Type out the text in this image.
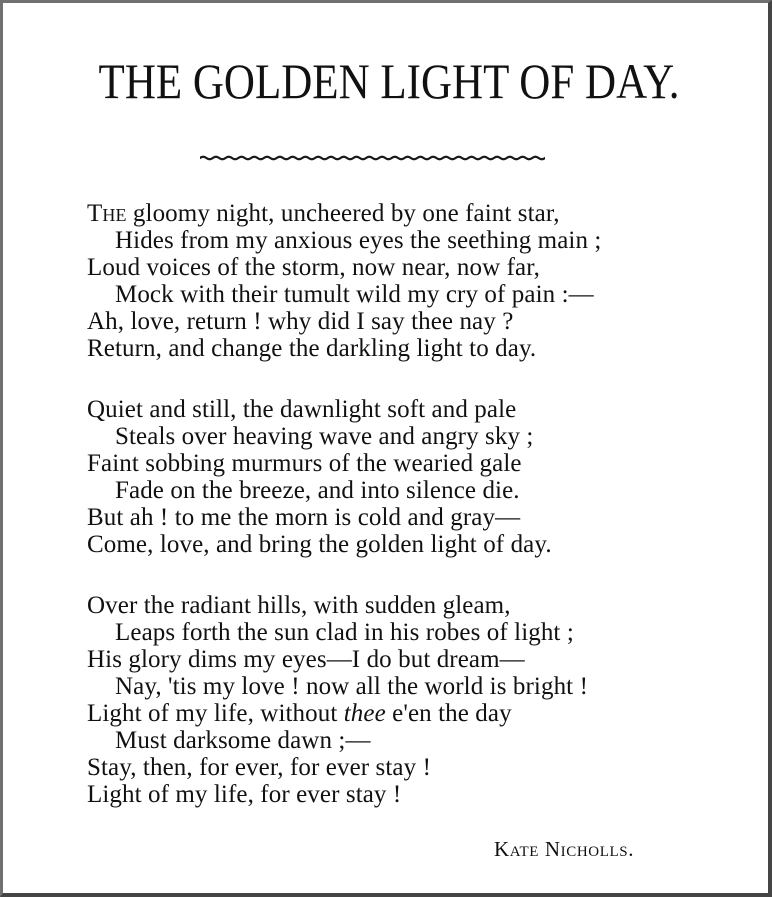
THE GOLDEN LIGHT OF DAY.
The gloomy night, uncheered by one faint star,
Hides from my anxious eyes the seething main ;
Loud voices of the storm, now near, now far,
Mock with their tumult wild my cry of pain :—
Ah, love, return ! why did I say thee nay ?
Return, and change the darkling light to day.
Quiet and still, the dawnlight soft and pale
Steals over heaving wave and angry sky ;
Faint sobbing murmurs of the wearied gale
Fade on the breeze, and into silence die.
But ah ! to me the morn is cold and gray—
Come, love, and bring the golden light of day.
Over the radiant hills, with sudden gleam,
Leaps forth the sun clad in his robes of light ;
His glory dims my eyes—I do but dream—
Nay, 'tis my love ! now all the world is bright !
Light of my life, without thee e'en the day
Must darksome dawn ;—
Stay, then, for ever, for ever stay !
Light of my life, for ever stay !
Kate Nicholls.
